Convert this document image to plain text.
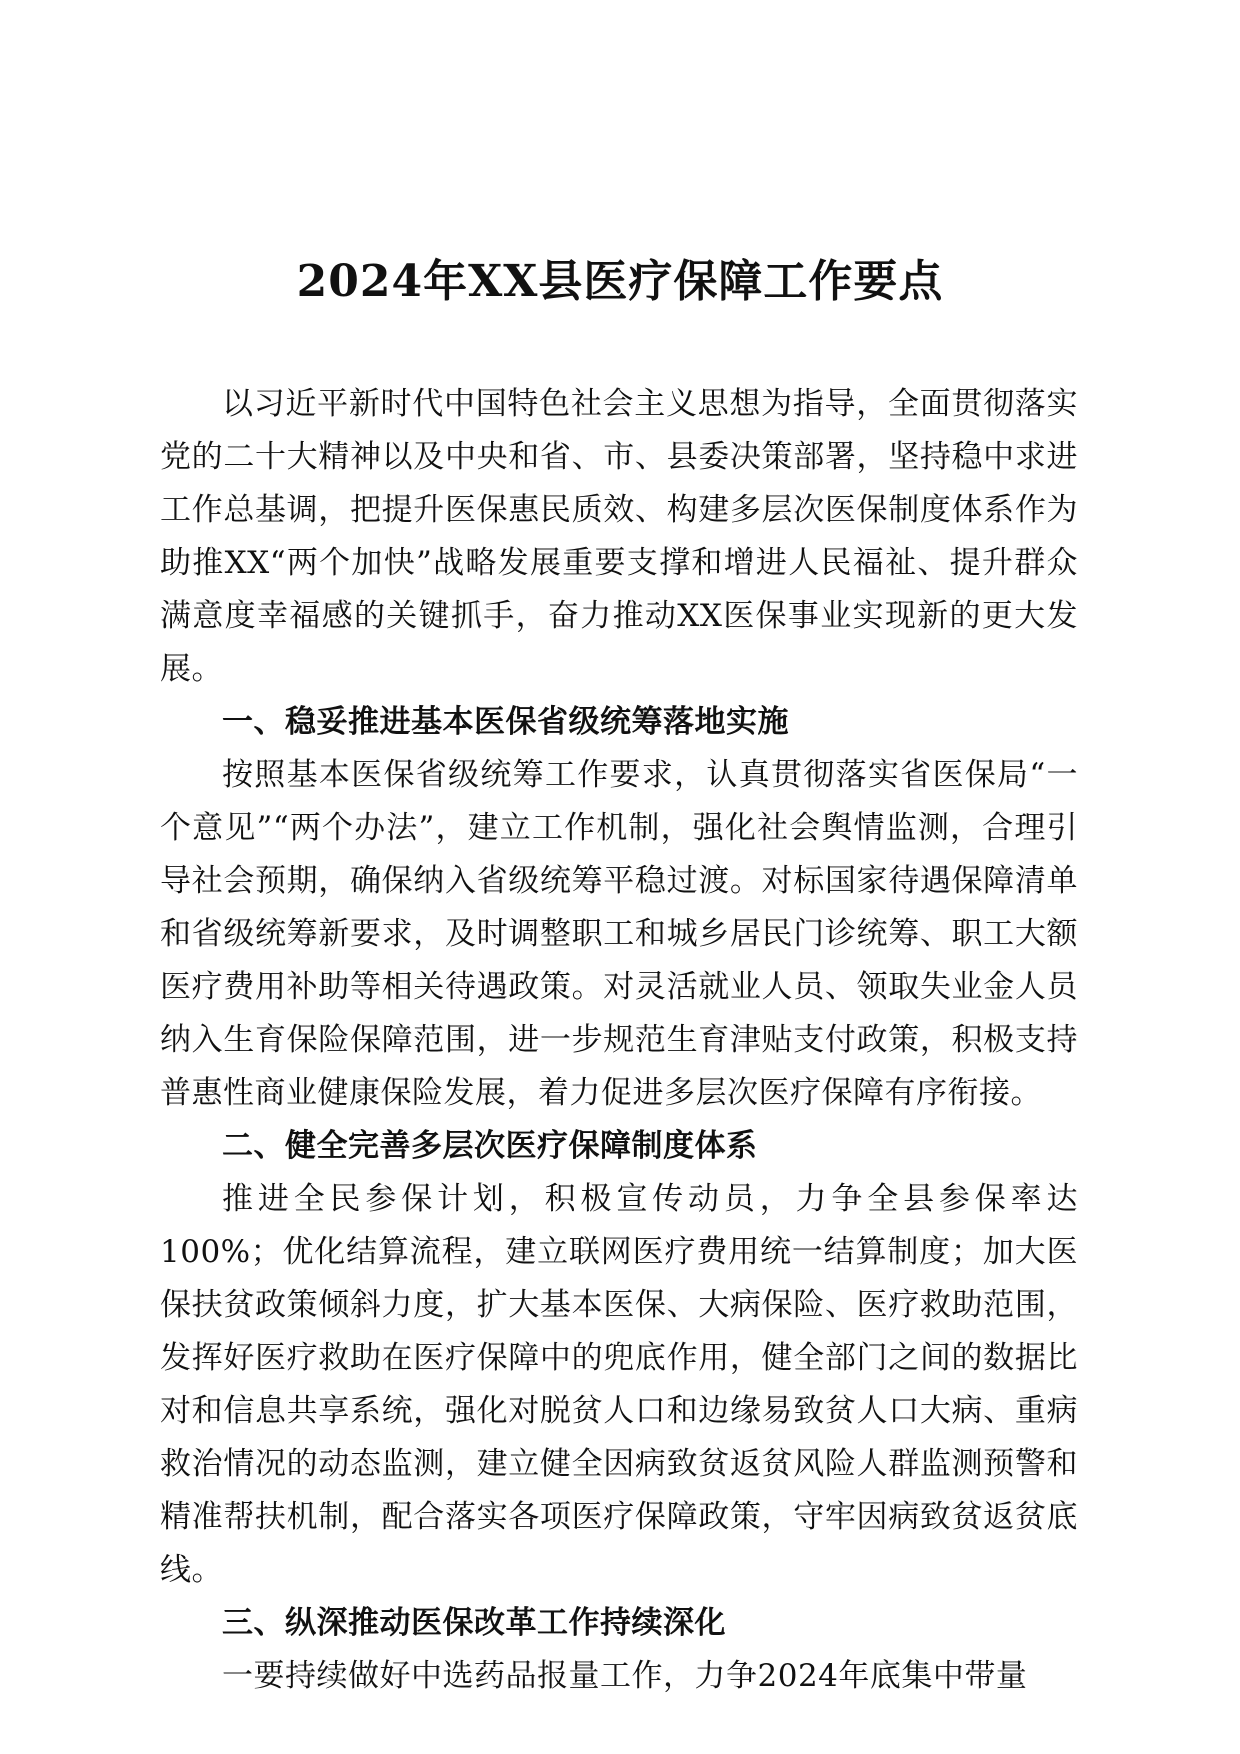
2024年XX县医疗保障工作要点

以习近平新时代中国特色社会主义思想为指导，全面贯彻落实党的二十大精神以及中央和省、市、县委决策部署，坚持稳中求进工作总基调，把提升医保惠民质效、构建多层次医保制度体系作为助推XX“两个加快”战略发展重要支撑和增进人民福祉、提升群众满意度幸福感的关键抓手，奋力推动XX医保事业实现新的更大发展。

一、稳妥推进基本医保省级统筹落地实施

按照基本医保省级统筹工作要求，认真贯彻落实省医保局“一个意见”“两个办法”，建立工作机制，强化社会舆情监测，合理引导社会预期，确保纳入省级统筹平稳过渡。对标国家待遇保障清单和省级统筹新要求，及时调整职工和城乡居民门诊统筹、职工大额医疗费用补助等相关待遇政策。对灵活就业人员、领取失业金人员纳入生育保险保障范围，进一步规范生育津贴支付政策，积极支持普惠性商业健康保险发展，着力促进多层次医疗保障有序衔接。

二、健全完善多层次医疗保障制度体系

推进全民参保计划，积极宣传动员，力争全县参保率达100%；优化结算流程，建立联网医疗费用统一结算制度；加大医保扶贫政策倾斜力度，扩大基本医保、大病保险、医疗救助范围，发挥好医疗救助在医疗保障中的兜底作用，健全部门之间的数据比对和信息共享系统，强化对脱贫人口和边缘易致贫人口大病、重病救治情况的动态监测，建立健全因病致贫返贫风险人群监测预警和精准帮扶机制，配合落实各项医疗保障政策，守牢因病致贫返贫底线。

三、纵深推动医保改革工作持续深化

一要持续做好中选药品报量工作，力争2024年底集中带量
